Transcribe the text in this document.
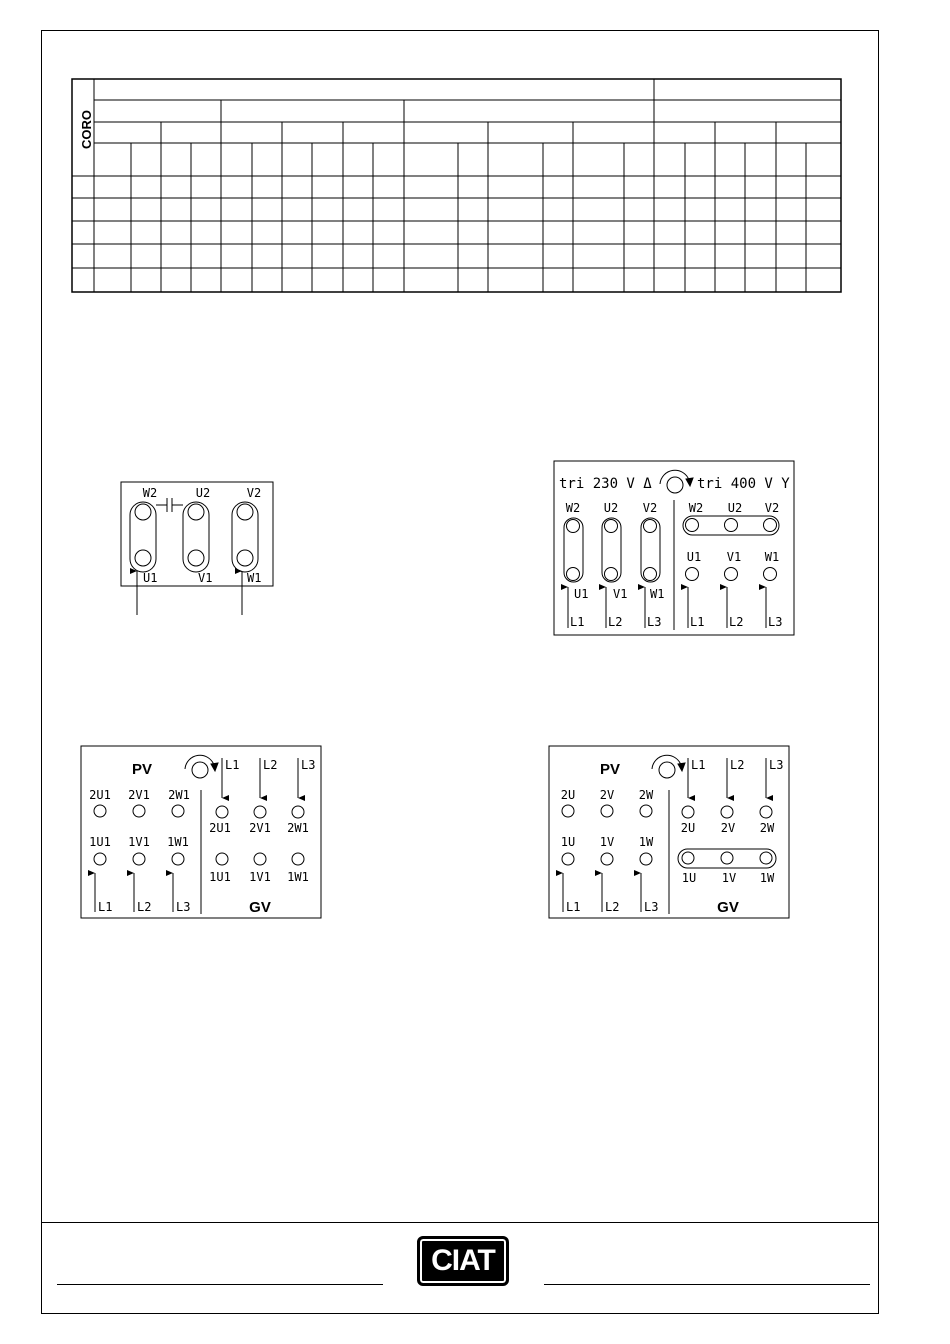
CORO
W2	U2	V2
U1	V1	W1
tri 230 V Δ	tri 400 V Y
W2 U2 V2
U1 V1 W1
L1 L2 L3
W2 U2 V2
U1 V1 W1
L1 L2 L3
PV
GV
2U1 2V1 2W1
1U1 1V1 1W1
2U1 2V1 2W1
1U1 1V1 1W1
L1 L2 L3
L1 L2 L3	PV
GV
2U 2V 2W
1U 1V 1W
2U 2V 2W
1U 1V 1W
L1 L2 L3
L1 L2 L3
CIAT
